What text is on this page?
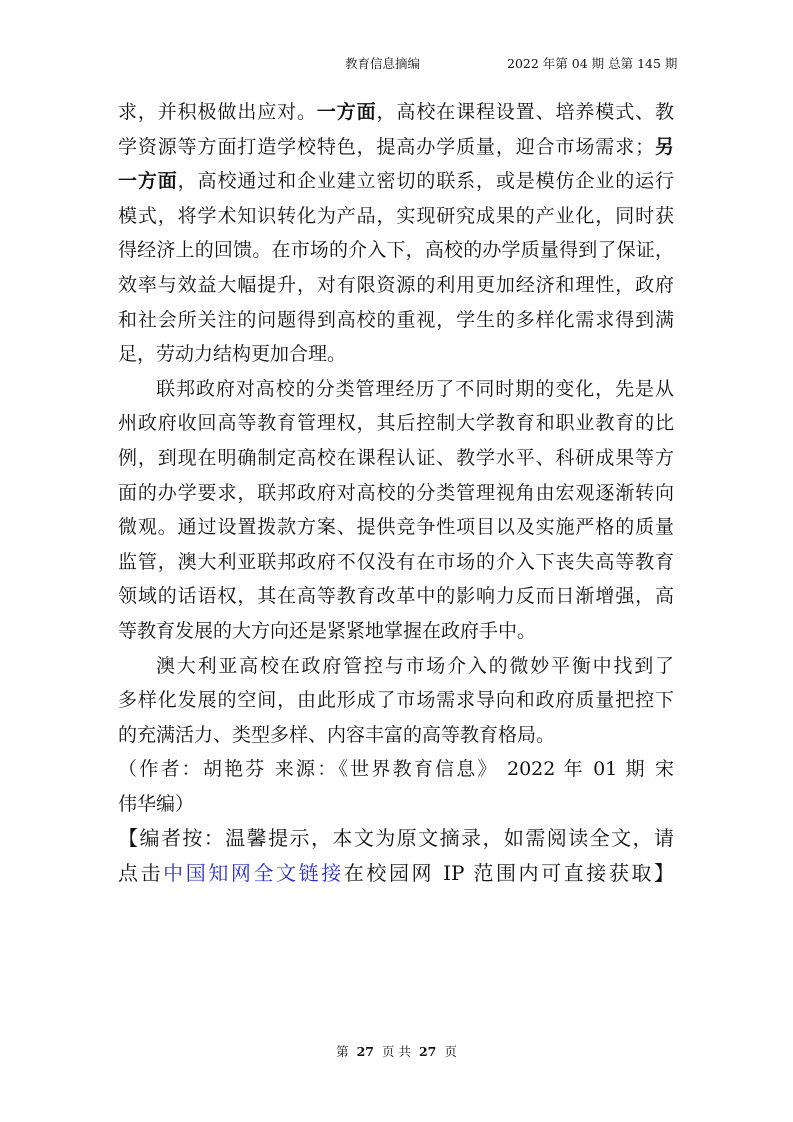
教育信息摘编	2022 年第 04 期 总第 145 期
求，并积极做出应对。一方面，高校在课程设置、培养模式、教
学资源等方面打造学校特色，提高办学质量，迎合市场需求；另
一方面，高校通过和企业建立密切的联系，或是模仿企业的运行
模式，将学术知识转化为产品，实现研究成果的产业化，同时获
得经济上的回馈。在市场的介入下，高校的办学质量得到了保证，
效率与效益大幅提升，对有限资源的利用更加经济和理性，政府
和社会所关注的问题得到高校的重视，学生的多样化需求得到满
足，劳动力结构更加合理。
联邦政府对高校的分类管理经历了不同时期的变化，先是从
州政府收回高等教育管理权，其后控制大学教育和职业教育的比
例，到现在明确制定高校在课程认证、教学水平、科研成果等方
面的办学要求，联邦政府对高校的分类管理视角由宏观逐渐转向
微观。通过设置拨款方案、提供竞争性项目以及实施严格的质量
监管，澳大利亚联邦政府不仅没有在市场的介入下丧失高等教育
领域的话语权，其在高等教育改革中的影响力反而日渐增强，高
等教育发展的大方向还是紧紧地掌握在政府手中。
澳大利亚高校在政府管控与市场介入的微妙平衡中找到了
多样化发展的空间，由此形成了市场需求导向和政府质量把控下
的充满活力、类型多样、内容丰富的高等教育格局。
（作者：胡艳芬 来源：《世界教育信息》 2022 年 01 期 宋
伟华编）
【编者按：温馨提示，本文为原文摘录，如需阅读全文，请
点击中国知网全文链接在校园网 IP 范围内可直接获取】
第 27 页 共 27 页
